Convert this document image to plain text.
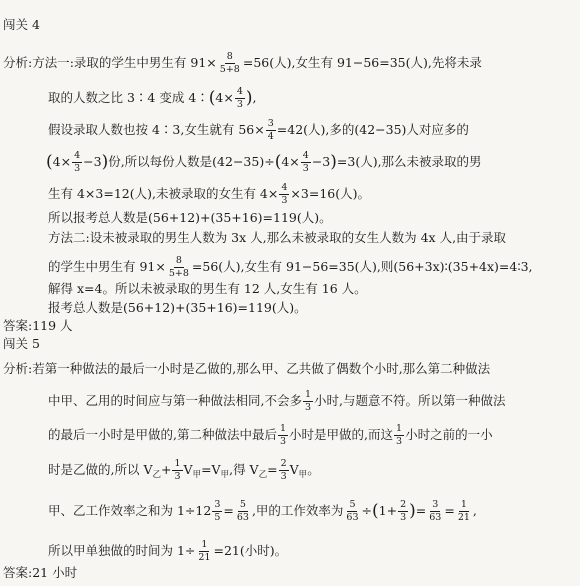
闯关 4
分析:方法一:录取的学生中男生有 $91\times \frac{8}{5+8} =56$(人),女生有 91−56=35(人),先将未录
取的人数之比 3∶4 变成 4∶(4× $\frac{4}{3}$ ),
假设录取人数也按 4∶3,女生就有 $56\times \frac{3}{4} =42$(人),多的(42−35)人对应多的
$(4\times \frac{4}{3} -3)$份,所以每份人数是$(42-35)\div(4\times \frac{4}{3} -3)=3$(人),那么未被录取的男
生有 4×3=12(人),未被录取的女生有 $4\times \frac{4}{3} \times 3=16$(人)。
所以报考总人数是(56+12)+(35+16)=119(人)。
方法二:设未被录取的男生人数为 3x 人,那么未被录取的女生人数为 4x 人,由于录取
的学生中男生有 $91\times \frac{8}{5+8} =56$(人),女生有 91−56=35(人),则(56+3x)∶(35+4x)=4∶3,
解得 x=4。所以未被录取的男生有 12 人,女生有 16 人。
报考总人数是(56+12)+(35+16)=119(人)。
答案:119 人
闯关 5
分析:若第一种做法的最后一小时是乙做的,那么甲、乙共做了偶数个小时,那么第二种做法
中甲、乙用的时间应与第一种做法相同,不会多 $\frac{1}{3}$ 小时,与题意不符。所以第一种做法
的最后一小时是甲做的,第二种做法中最后 $\frac{1}{3}$ 小时是甲做的,而这 $\frac{1}{3}$ 小时之前的一小
时是乙做的,所以 $V_乙+ \frac{1}{3} V_甲=V_甲$,得 $V_乙= \frac{2}{3} V_甲$。
甲、乙工作效率之和为 $1\div 12 \frac{3}{5} = \frac{5}{63}$ ,甲的工作效率为 $\frac{5}{63} \div(1+ \frac{2}{3}$ )= $\frac{3}{63} = \frac{1}{21}$ ,
所以甲单独做的时间为 $1\div \frac{1}{21} =21$(小时)。
答案:21 小时
